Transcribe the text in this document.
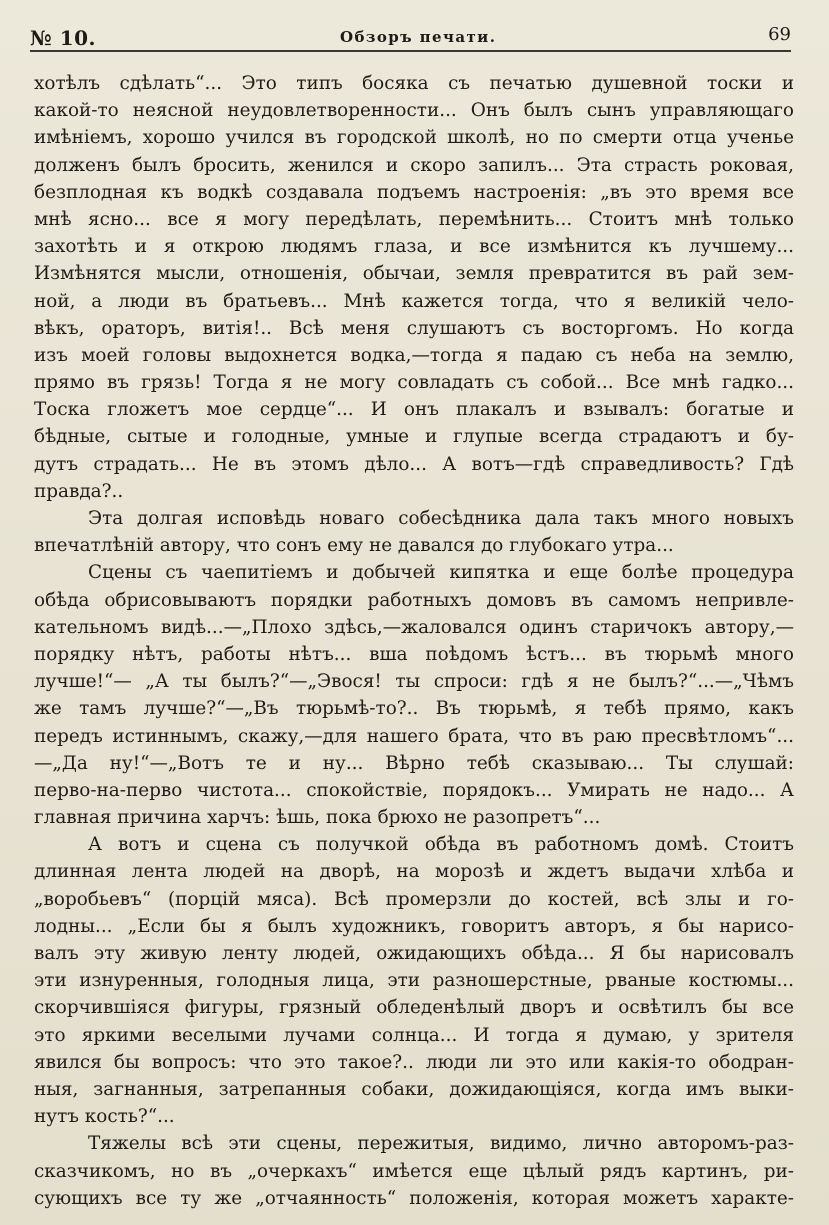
№ 10.	Обзоръ печати.	69
хотѣлъ сдѣлать“... Это типъ босяка съ печатью душевной тоски и
какой-то неясной неудовлетворенности... Онъ былъ сынъ управляющаго
имѣніемъ, хорошо учился въ городской школѣ, но по смерти отца ученье
долженъ былъ бросить, женился и скоро запилъ... Эта страсть роковая,
безплодная къ водкѣ создавала подъемъ настроенія: „въ это время все
мнѣ ясно... все я могу передѣлать, перемѣнить... Стоитъ мнѣ только
захотѣть и я открою людямъ глаза, и все измѣнится къ лучшему...
Измѣнятся мысли, отношенія, обычаи, земля превратится въ рай зем-
ной, а люди въ братьевъ... Мнѣ кажется тогда, что я великій чело-
вѣкъ, ораторъ, витія!.. Всѣ меня слушаютъ съ восторгомъ. Но когда
изъ моей головы выдохнется водка,—тогда я падаю съ неба на землю,
прямо въ грязь! Тогда я не могу совладать съ собой... Все мнѣ гадко...
Тоска гложетъ мое сердце“... И онъ плакалъ и взывалъ: богатые и
бѣдные, сытые и голодные, умные и глупые всегда страдаютъ и бу-
дутъ страдать... Не въ этомъ дѣло... А вотъ—гдѣ справедливость? Гдѣ
правда?..
Эта долгая исповѣдь новаго собесѣдника дала такъ много новыхъ
впечатлѣній автору, что сонъ ему не давался до глубокаго утра...
Сцены съ чаепитіемъ и добычей кипятка и еще болѣе процедура
обѣда обрисовываютъ порядки работныхъ домовъ въ самомъ непривле-
кательномъ видѣ...—„Плохо здѣсь,—жаловался одинъ старичокъ автору,—
порядку нѣтъ, работы нѣтъ... вша поѣдомъ ѣстъ... въ тюрьмѣ много
лучше!“— „А ты былъ?“—„Эвося! ты спроси: гдѣ я не былъ?“...—„Чѣмъ
же тамъ лучше?“—„Въ тюрьмѣ-то?.. Въ тюрьмѣ, я тебѣ прямо, какъ
передъ истиннымъ, скажу,—для нашего брата, что въ раю пресвѣтломъ“...
—„Да ну!“—„Вотъ те и ну... Вѣрно тебѣ сказываю... Ты слушай:
перво-на-перво чистота... спокойствіе, порядокъ... Умирать не надо... А
главная причина харчъ: ѣшь, пока брюхо не разопретъ“...
А вотъ и сцена съ получкой обѣда въ работномъ домѣ. Стоитъ
длинная лента людей на дворѣ, на морозѣ и ждетъ выдачи хлѣба и
„воробьевъ“ (порцій мяса). Всѣ промерзли до костей, всѣ злы и го-
лодны... „Если бы я былъ художникъ, говоритъ авторъ, я бы нарисо-
валъ эту живую ленту людей, ожидающихъ обѣда... Я бы нарисовалъ
эти изнуренныя, голодныя лица, эти разношерстные, рваные костюмы...
скорчившіяся фигуры, грязный обледенѣлый дворъ и освѣтилъ бы все
это яркими веселыми лучами солнца... И тогда я думаю, у зрителя
явился бы вопросъ: что это такое?.. люди ли это или какія-то ободран-
ныя, загнанныя, затрепанныя собаки, дожидающіяся, когда имъ выки-
нутъ кость?“...
Тяжелы всѣ эти сцены, пережитыя, видимо, лично авторомъ-раз-
сказчикомъ, но въ „очеркахъ“ имѣется еще цѣлый рядъ картинъ, ри-
сующихъ все ту же „отчаянность“ положенія, которая можетъ характе-
